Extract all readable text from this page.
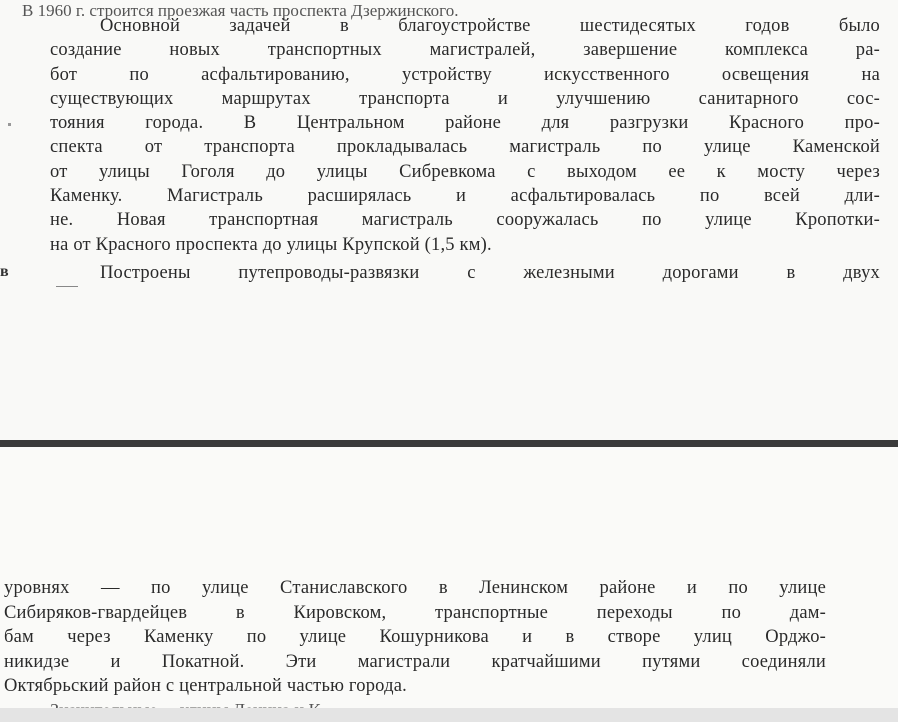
В 1960 г. строится проезжая часть проспекта Дзержинского.
Основной задачей в благоустройстве шестидесятых годов было
создание новых транспортных магистралей, завершение комплекса ра-
бот по асфальтированию, устройству искусственного освещения на
существующих маршрутах транспорта и улучшению санитарного сос-
тояния города. В Центральном районе для разгрузки Красного про-
спекта от транспорта прокладывалась магистраль по улице Каменской
от улицы Гоголя до улицы Сибревкома с выходом ее к мосту через
Каменку. Магистраль расширялась и асфальтировалась по всей дли-
не. Новая транспортная магистраль сооружалась по улице Кропотки-
на от Красного проспекта до улицы Крупской (1,5 км).
в	Построены путепроводы-развязки с железными дорогами в двух
уровнях — по улице Станиславского в Ленинском районе и по улице
Сибиряков-гвардейцев в Кировском, транспортные переходы по дам-
бам через Каменку по улице Кошурникова и в створе улиц Орджо-
никидзе и Покатной. Эти магистрали кратчайшими путями соединяли
Октябрьский район с центральной частью города.
